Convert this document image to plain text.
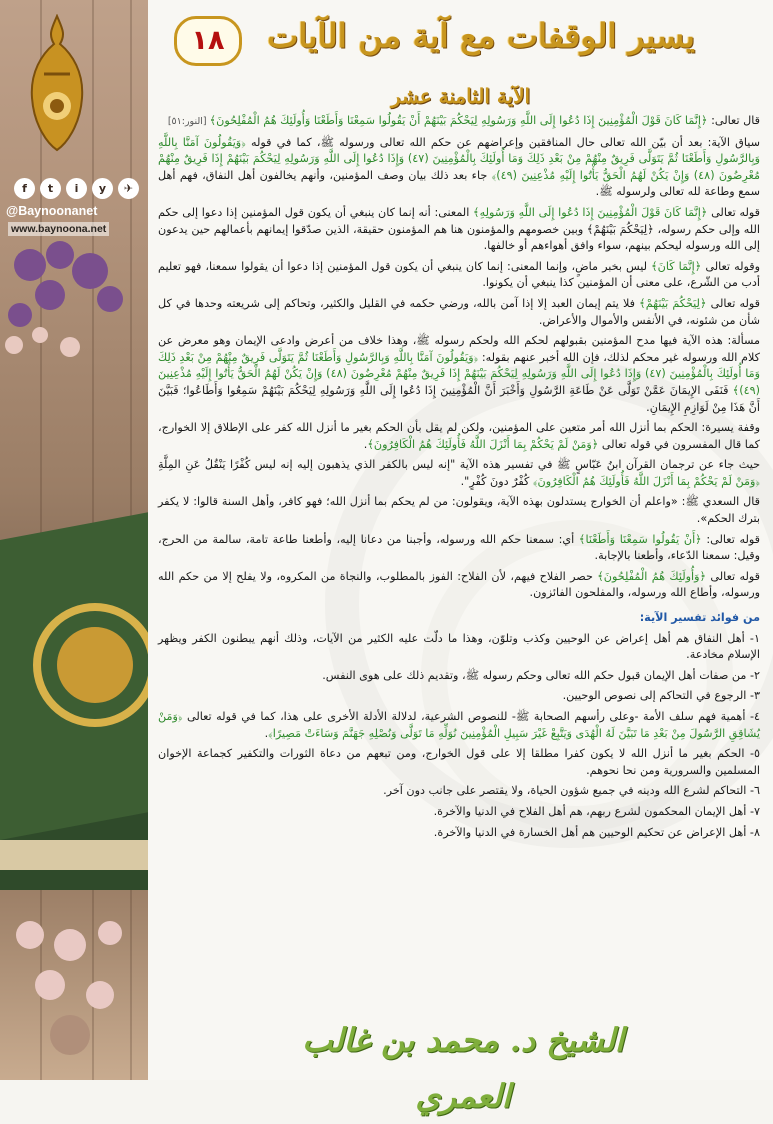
f	t	i	y	✈
@Baynoonanet
www.baynoona.net
١٨	يسير الوقفات مع آية من الآيات
الآية الثامنة عشر

قال تعالى: ﴿إِنَّمَا كَانَ قَوْلَ الْمُؤْمِنِينَ إِذَا دُعُوا إِلَى اللَّهِ وَرَسُولِهِ لِيَحْكُمَ بَيْنَهُمْ أَنْ يَقُولُوا سَمِعْنَا وَأَطَعْنَا وَأُولَئِكَ هُمُ الْمُفْلِحُونَ﴾ [النور:٥١]

سياق الآية: بعد أن بيّن الله تعالى حال المنافقين وإعراضهم عن حكم الله تعالى ورسوله ﷺ، كما في قوله ﴿وَيَقُولُونَ آمَنَّا بِاللَّهِ وَبِالرَّسُولِ وَأَطَعْنَا ثُمَّ يَتَوَلَّى فَرِيقٌ مِنْهُمْ مِنْ بَعْدِ ذَلِكَ وَمَا أُولَئِكَ بِالْمُؤْمِنِينَ (٤٧) وَإِذَا دُعُوا إِلَى اللَّهِ وَرَسُولِهِ لِيَحْكُمَ بَيْنَهُمْ إِذَا فَرِيقٌ مِنْهُمْ مُعْرِضُونَ (٤٨) وَإِنْ يَكُنْ لَهُمُ الْحَقُّ يَأْتُوا إِلَيْهِ مُذْعِنِينَ (٤٩)﴾ جاء بعد ذلك بيان وصف المؤمنين، وأنهم يخالفون أهل النفاق، فهم أهل سمع وطاعة لله تعالى ولرسوله ﷺ.

قوله تعالى ﴿إِنَّمَا كَانَ قَوْلَ الْمُؤْمِنِينَ إِذَا دُعُوا إِلَى اللَّهِ وَرَسُولِهِ﴾ المعنى: أنه إنما كان ينبغي أن يكون قول المؤمنين إذا دعوا إلى حكم الله وإلى حكم رسوله، ﴿لِيَحْكُمَ بَيْنَهُمْ﴾ وبين خصومهم والمؤمنون هنا هم المؤمنون حقيقة، الذين صدّقوا إيمانهم بأعمالهم حين يدعون إلى الله ورسوله ليحكم بينهم، سواء وافق أهواءهم أو خالفها.

وقوله تعالى ﴿إِنَّمَا كَانَ﴾ ليس بخبر ماضٍ، وإنما المعنى: إنما كان ينبغي أن يكون قول المؤمنين إذا دعوا أن يقولوا سمعنا، فهو تعليم أدب من الشّرع، على معنى أن المؤمنين كذا ينبغي أن يكونوا.

قوله تعالى ﴿لِيَحْكُمَ بَيْنَهُمْ﴾ فلا يتم إيمان العبد إلا إذا آمن بالله، ورضي حكمه في القليل والكثير، وتحاكم إلى شريعته وحدها في كل شأن من شئونه، في الأنفس والأموال والأعراض.

مسألة: هذه الآية فيها مدح المؤمنين بقبولهم لحكم الله ولحكم رسوله ﷺ، وهذا خلاف من أعرض وادعى الإيمان وهو معرض عن كلام الله ورسوله غير محكم لذلك، فإن الله أخبر عنهم بقوله: ﴿وَيَقُولُونَ آمَنَّا بِاللَّهِ وَبِالرَّسُولِ وَأَطَعْنَا ثُمَّ يَتَوَلَّى فَرِيقٌ مِنْهُمْ مِنْ بَعْدِ ذَلِكَ وَمَا أُولَئِكَ بِالْمُؤْمِنِينَ (٤٧) وَإِذَا دُعُوا إِلَى اللَّهِ وَرَسُولِهِ لِيَحْكُمَ بَيْنَهُمْ إِذَا فَرِيقٌ مِنْهُمْ مُعْرِضُونَ (٤٨) وَإِنْ يَكُنْ لَهُمُ الْحَقُّ يَأْتُوا إِلَيْهِ مُذْعِنِينَ (٤٩)﴾ فَنَفَى الإِيمَانَ عَمَّنْ تَوَلَّى عَنْ طَاعَةِ الرَّسُولِ وَأَخْبَرَ أَنَّ الْمُؤْمِنِينَ إِذَا دُعُوا إِلَى اللَّهِ وَرَسُولِهِ لِيَحْكُمَ بَيْنَهُمْ سَمِعُوا وَأَطَاعُوا؛ فَبَيَّنَ أَنَّ هَذَا مِنْ لَوَازِمِ الإِيمَانِ.

وقفة يسيرة: الحكم بما أنزل الله أمر متعين على المؤمنين، ولكن لم يقل بأن الحكم بغير ما أنزل الله كفر على الإطلاق إلا الخوارج، كما قال المفسرون في قوله تعالى ﴿وَمَنْ لَمْ يَحْكُمْ بِمَا أَنْزَلَ اللَّهُ فَأُولَئِكَ هُمُ الْكَافِرُونَ﴾.

حيث جاء عن ترجمان القرآن ابنُ عَبّاسٍ ﷺ في تفسير هذه الآية "إنه ليس بالكفر الذي يذهبون إليه إنه ليس كُفْرًا يَنْقُلُ عَنِ المِلَّةِ ﴿وَمَنْ لَمْ يَحْكُمْ بِمَا أَنْزَلَ اللَّهُ فَأُولَئِكَ هُمُ الْكَافِرُونَ﴾ كُفْرٌ دونَ كُفْرٍ".

قال السعدي ﷺ: «واعلم أن الخوارج يستدلون بهذه الآية، ويقولون: من لم يحكم بما أنزل الله؛ فهو كافر، وأهل السنة قالوا: لا يكفر بترك الحكم».

قوله تعالى: ﴿أَنْ يَقُولُوا سَمِعْنَا وَأَطَعْنَا﴾ أي: سمعنا حكم الله ورسوله، وأجبنا من دعانا إليه، وأطعنا طاعة تامة، سالمة من الحرج، وقيل: سمعنا الدّعاء، وأطعنا بالإجابة.

قوله تعالى ﴿وَأُولَئِكَ هُمُ الْمُفْلِحُونَ﴾ حصر الفلاح فيهم، لأن الفلاح: الفوز بالمطلوب، والنجاة من المكروه، ولا يفلح إلا من حكم الله ورسوله، وأطاع الله ورسوله، والمفلحون الفائزون.

من فوائد تفسير الآية:

١- أهل النفاق هم أهل إعراض عن الوحيين وكذب وتلوّن، وهذا ما دلّت عليه الكثير من الآيات، وذلك أنهم يبطنون الكفر ويظهر الإسلام مخادعة.

٢- من صفات أهل الإيمان قبول حكم الله تعالى وحكم رسوله ﷺ، وتقديم ذلك على هوى النفس.

٣- الرجوع في التحاكم إلى نصوص الوحيين.

٤- أهمية فهم سلف الأمة -وعلى رأسهم الصحابة ﷺ- للنصوص الشرعية، لدلالة الأدلة الأخرى على هذا، كما في قوله تعالى ﴿وَمَنْ يُشَاقِقِ الرَّسُولَ مِنْ بَعْدِ مَا تَبَيَّنَ لَهُ الْهُدَى وَيَتَّبِعْ غَيْرَ سَبِيلِ الْمُؤْمِنِينَ نُوَلِّهِ مَا تَوَلَّى وَنُصْلِهِ جَهَنَّمَ وَسَاءَتْ مَصِيرًا﴾.

٥- الحكم بغير ما أنزل الله لا يكون كفرا مطلقا إلا على قول الخوارج، ومن تبعهم من دعاة الثورات والتكفير كجماعة الإخوان المسلمين والسرورية ومن نحا نحوهم.

٦- التحاكم لشرع الله ودينه في جميع شؤون الحياة، ولا يقتصر على جانب دون آخر.

٧- أهل الإيمان المحكمون لشرع ربهم، هم أهل الفلاح في الدنيا والآخرة.

٨- أهل الإعراض عن تحكيم الوحيين هم أهل الخسارة في الدنيا والآخرة.

الشيخ د. محمد بن غالب العمري
